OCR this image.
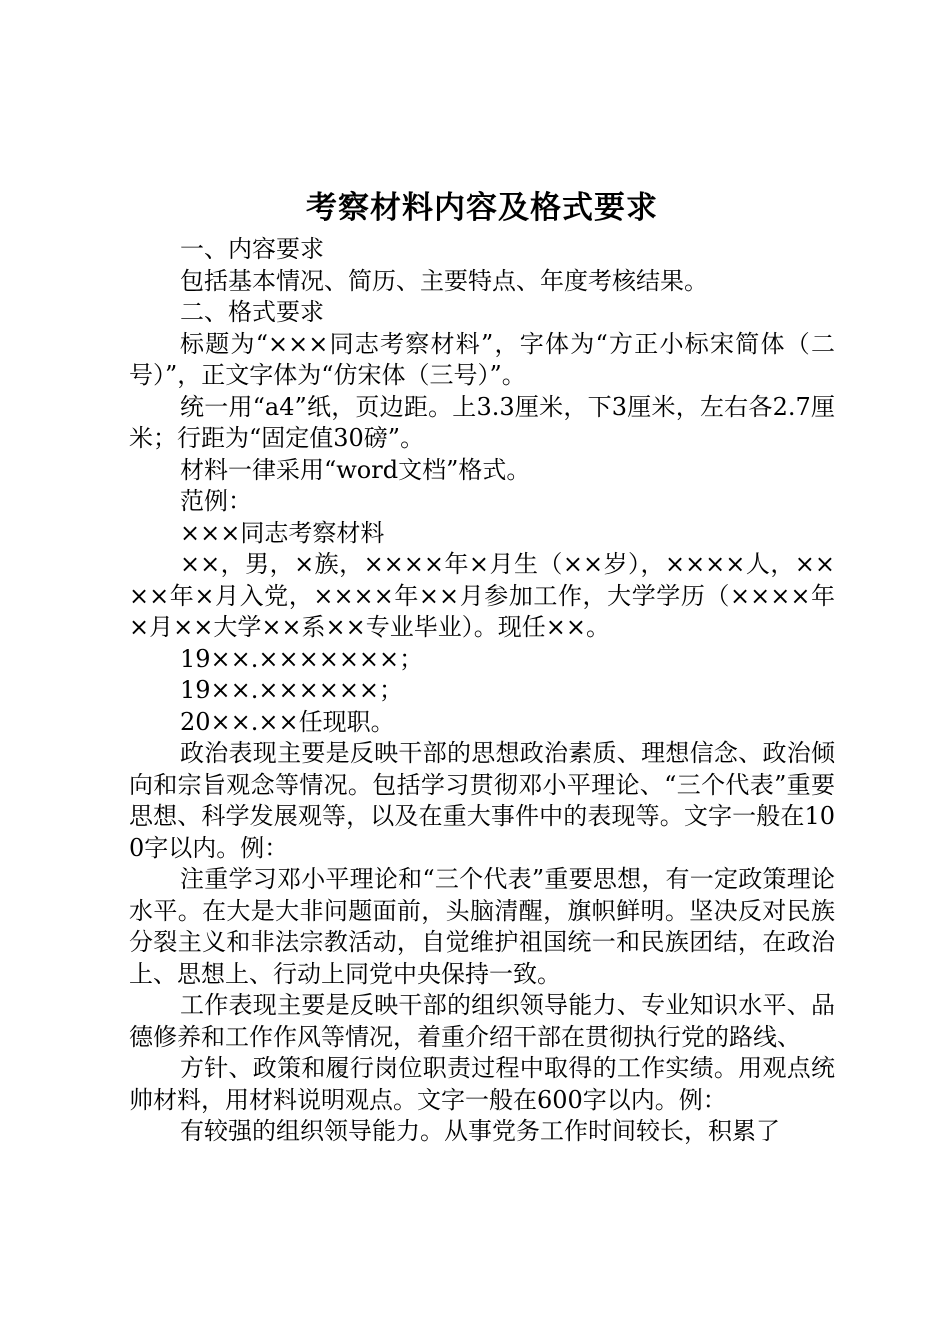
考察材料内容及格式要求

一、内容要求

包括基本情况、简历、主要特点、年度考核结果。

二、格式要求

标题为“×××同志考察材料”，字体为“方正小标宋简体（二号）”，正文字体为“仿宋体（三号）”。

统一用“a4”纸，页边距。上3.3厘米，下3厘米，左右各2.7厘米；行距为“固定值30磅”。

材料一律采用“word文档”格式。

范例：

×××同志考察材料

××，男，×族，××××年×月生（××岁），××××人，××××年×月入党，××××年××月参加工作，大学学历（××××年×月××大学××系××专业毕业）。现任××。

19××.×××××××；

19××.××××××；

20××.××任现职。

政治表现主要是反映干部的思想政治素质、理想信念、政治倾向和宗旨观念等情况。包括学习贯彻邓小平理论、“三个代表”重要思想、科学发展观等，以及在重大事件中的表现等。文字一般在100字以内。例：

注重学习邓小平理论和“三个代表”重要思想，有一定政策理论水平。在大是大非问题面前，头脑清醒，旗帜鲜明。坚决反对民族分裂主义和非法宗教活动，自觉维护祖国统一和民族团结，在政治上、思想上、行动上同党中央保持一致。

工作表现主要是反映干部的组织领导能力、专业知识水平、品德修养和工作作风等情况，着重介绍干部在贯彻执行党的路线、

方针、政策和履行岗位职责过程中取得的工作实绩。用观点统帅材料，用材料说明观点。文字一般在600字以内。例：

有较强的组织领导能力。从事党务工作时间较长，积累了
